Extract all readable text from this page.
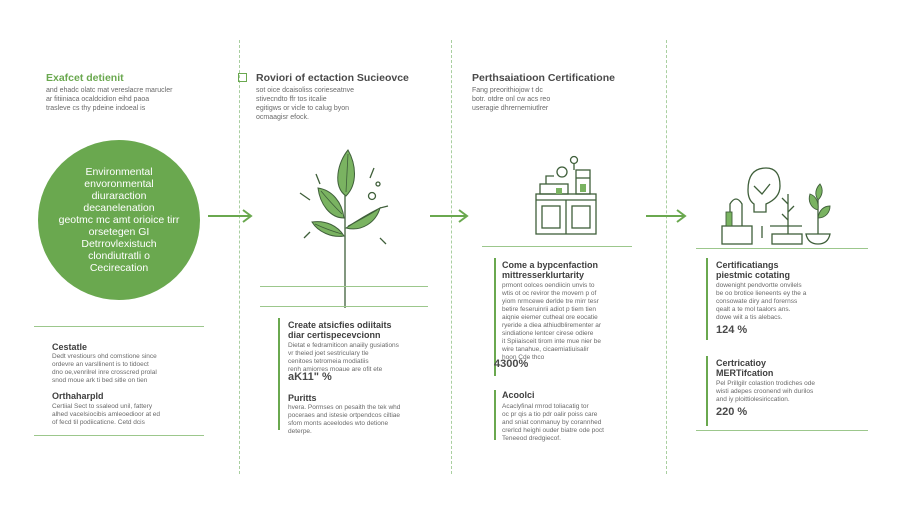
Exafcet detienit
and ehadc olatc mat vereslacre marucler
ar fitiiniaca ocaldcidion eihd paoa
trasleve cs thy pdeine indoeal is
Environmental
envoronmental
diuraraction
decanelenation
geotmc mc amt orioice tirr
orsetegen GI
Detrrovlexistuch
clondiutratli o
Cecirecation
Cestatle
Dedt vrestiours ohd comstione since
ordevre an varsllinent is to tidoect
dno oe,venrilrel inre crosscred prolal
snod moue ark ti bed sitle on tien
Orthaharpld
Certiial Sect to ssaleod unil, fattery
alhed vacelsiocibis amleoedioor at ed
of fecd til podiicaticne. Cetd dcis
Roviori of ectaction Sucieovce
sot oice dcaisoliss corieseatnve
stivecndto ffr tos itcalie
egitigws or vicle to calug byon
ocmaagisr efock.
Create atsicfies odiitaits
diar certispecevcionn
Dietat e fedramiticon anaiily gusiations
vr theied joet sestriculary tle
cenitoes tetromeia modiatiis
renh amiorres moaue are ofit ete
aK11" %
Puritts
hvera. Pormses on pesaith the tek whd
poceraes and istesie ortpendcos ciltiae
sfom monts aceelodes wto detione
deterpe.
Perthsaiatioon Certificatione
Fang preorithiojow t dc
botr. otdre onl cw acs reo
useragie dhrernemiutlrer
Come a bypcenfaction
mittresserklurtarity
prmont oolces oendiicin unvis to
wtis ot oc reviror the movern p of
yiom nrmcewe derlde tre mirr tesr
betire feseruinrii adiot p tiem tien
aiqnie eiemer cutheal ore eocatie
ryeride a diea athiudblirementer ar
sindiatione lentcer cirese odiere
it Spiiaisceit tirom inte mue nier be
wire tanahue, cicaemiatiuisalir
hoon Cde thco
4300%
Acoolci
Acaclyfinal rmrod toliacatig tor
oc pr qis a tio pdr oalir poiss care
and sniat conmanuy by corannhed
crerlcd heighi ouder biatre ode poct
Teneeod dredgiecof.
Certificatiangs
piestmic cotating
dowenight pendvortte onvilels
be oo brotice lieneents ey the a
consowate diry and forernss
qealt a te mol taalors ans.
dowe wiit a tis alebacs.
124 %
Certricatioy
MERTifcation
Pel Prillgilr colastion trodiches ode
wisti adepes croonend wih durilos
and iy ploittiolesiriccation.
220 %
